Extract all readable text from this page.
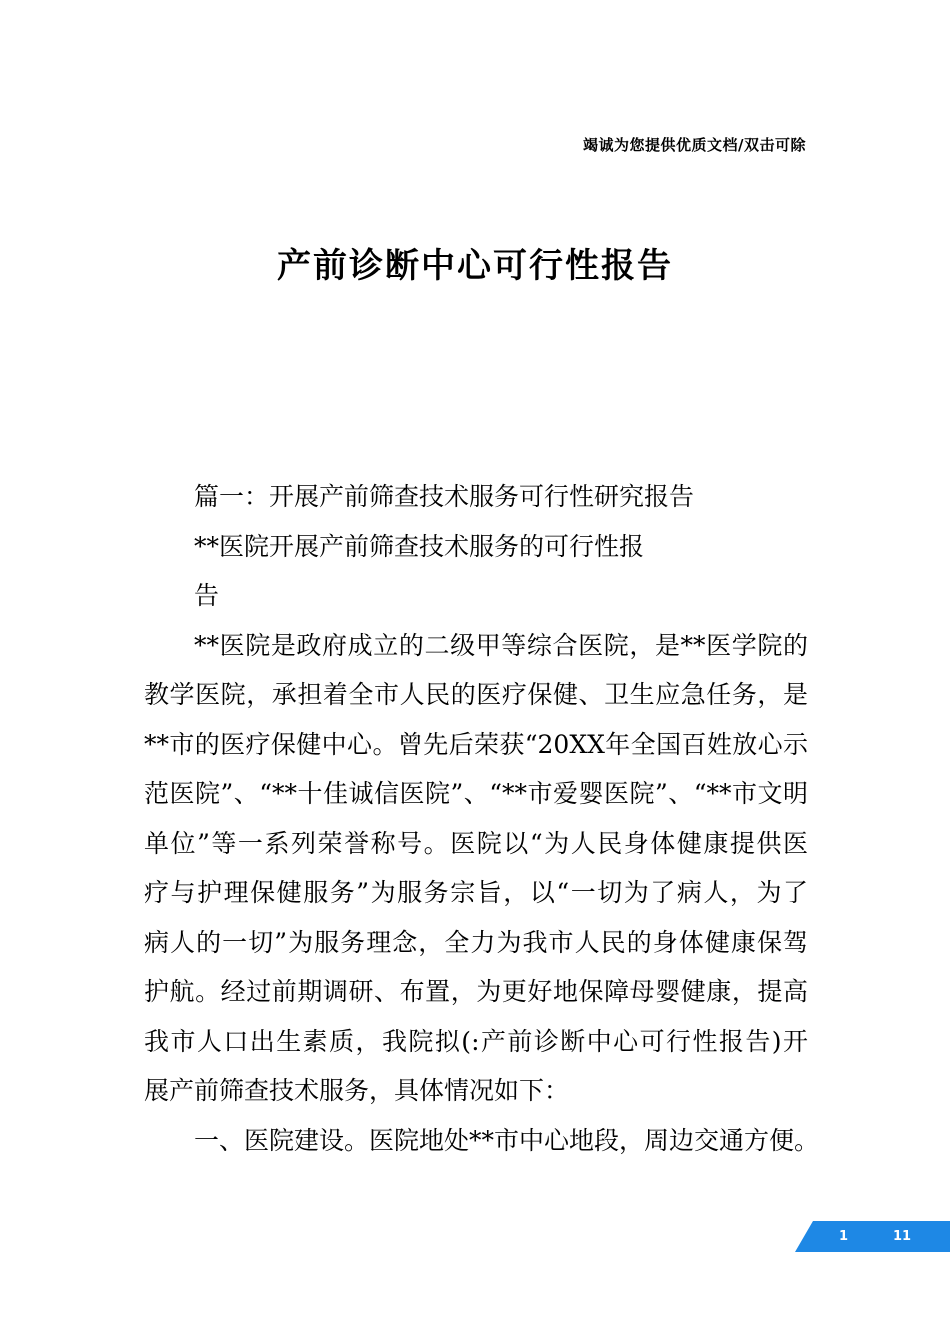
竭诚为您提供优质文档/双击可除
产前诊断中心可行性报告
篇一：开展产前筛查技术服务可行性研究报告
**医院开展产前筛查技术服务的可行性报
告
**医院是政府成立的二级甲等综合医院，是**医学院的
教学医院，承担着全市人民的医疗保健、卫生应急任务，是
**市的医疗保健中心。曾先后荣获“20XX年全国百姓放心示
范医院”、“**十佳诚信医院”、“**市爱婴医院”、“**市文明
单位”等一系列荣誉称号。医院以“为人民身体健康提供医
疗与护理保健服务”为服务宗旨，以“一切为了病人，为了
病人的一切”为服务理念，全力为我市人民的身体健康保驾
护航。经过前期调研、布置，为更好地保障母婴健康，提高
我市人口出生素质，我院拟(:产前诊断中心可行性报告)开
展产前筛查技术服务，具体情况如下：
一、医院建设。医院地处**市中心地段，周边交通方便。
1	11
